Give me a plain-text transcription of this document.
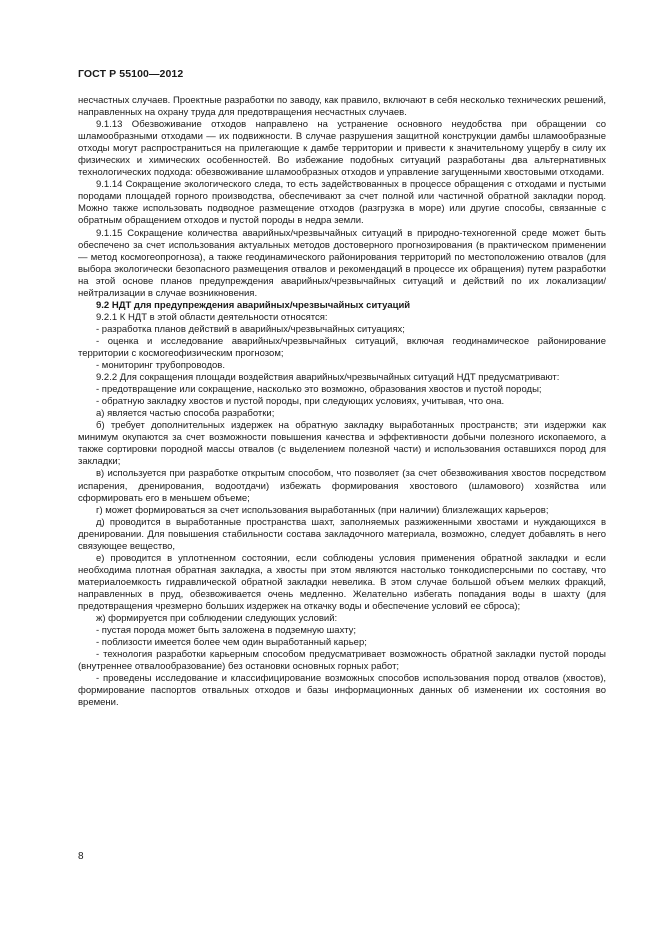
ГОСТ Р 55100—2012

несчастных случаев. Проектные разработки по заводу, как правило, включают в себя несколько технических решений, направленных на охрану труда для предотвращения несчастных случаев.

9.1.13 Обезвоживание отходов направлено на устранение основного неудобства при обращении со шламообразными отходами — их подвижности. В случае разрушения защитной конструкции дамбы шламообразные отходы могут распространиться на прилегающие к дамбе территории и привести к значительному ущербу в силу их физических и химических особенностей. Во избежание подобных ситуаций разработаны два альтернативных технологических подхода: обезвоживание шламообразных отходов и управление загущенными хвостовыми отходами.

9.1.14 Сокращение экологического следа, то есть задействованных в процессе обращения с отходами и пустыми породами площадей горного производства, обеспечивают за счет полной или частичной обратной закладки пород. Можно также использовать подводное размещение отходов (разгрузка в море) или другие способы, связанные с обратным обращением отходов и пустой породы в недра земли.

9.1.15 Сокращение количества аварийных/чрезвычайных ситуаций в природно-техногенной среде может быть обеспечено за счет использования актуальных методов достоверного прогнозирования (в практическом применении — метод космогеопрогноза), а также геодинамического районирования территорий по местоположению отвалов (для выбора экологически безопасного размещения отвалов и рекомендаций в процессе их обращения) путем разработки на этой основе планов предупреждения аварийных/чрезвычайных ситуаций и действий по их локализации/нейтрализации в случае возникновения.

9.2 НДТ для предупреждения аварийных/чрезвычайных ситуаций

9.2.1 К НДТ в этой области деятельности относятся:

- разработка планов действий в аварийных/чрезвычайных ситуациях;

- оценка и исследование аварийных/чрезвычайных ситуаций, включая геодинамическое районирование территории с космогеофизическим прогнозом;

- мониторинг трубопроводов.

9.2.2 Для сокращения площади воздействия аварийных/чрезвычайных ситуаций НДТ предусматривают:

- предотвращение или сокращение, насколько это возможно, образования хвостов и пустой породы;

- обратную закладку хвостов и пустой породы, при следующих условиях, учитывая, что она.

а) является частью способа разработки;

б) требует дополнительных издержек на обратную закладку выработанных пространств; эти издержки как минимум окупаются за счет возможности повышения качества и эффективности добычи полезного ископаемого, а также сортировки породной массы отвалов (с выделением полезной части) и использования оставшихся пород для закладки;

в) используется при разработке открытым способом, что позволяет (за счет обезвоживания хвостов посредством испарения, дренирования, водоотдачи) избежать формирования хвостового (шламового) хозяйства или сформировать его в меньшем объеме;

г) может формироваться за счет использования выработанных (при наличии) близлежащих карьеров;

д) проводится в выработанные пространства шахт, заполняемых разжиженными хвостами и нуждающихся в дренировании. Для повышения стабильности состава закладочного материала, возможно, следует добавлять в него связующее вещество,

е) проводится в уплотненном состоянии, если соблюдены условия применения обратной закладки и если необходима плотная обратная закладка, а хвосты при этом являются настолько тонкодисперсными по составу, что материалоемкость гидравлической обратной закладки невелика. В этом случае большой объем мелких фракций, направленных в пруд, обезвоживается очень медленно. Желательно избегать попадания воды в шахту (для предотвращения чрезмерно больших издержек на откачку воды и обеспечение условий ее сброса);

ж) формируется при соблюдении следующих условий:

- пустая порода может быть заложена в подземную шахту;

- поблизости имеется более чем один выработанный карьер;

- технология разработки карьерным способом предусматривает возможность обратной закладки пустой породы (внутреннее отвалообразование) без остановки основных горных работ;

- проведены исследование и классифицирование возможных способов использования пород отвалов (хвостов), формирование паспортов отвальных отходов и базы информационных данных об изменении их состояния во времени.

8
